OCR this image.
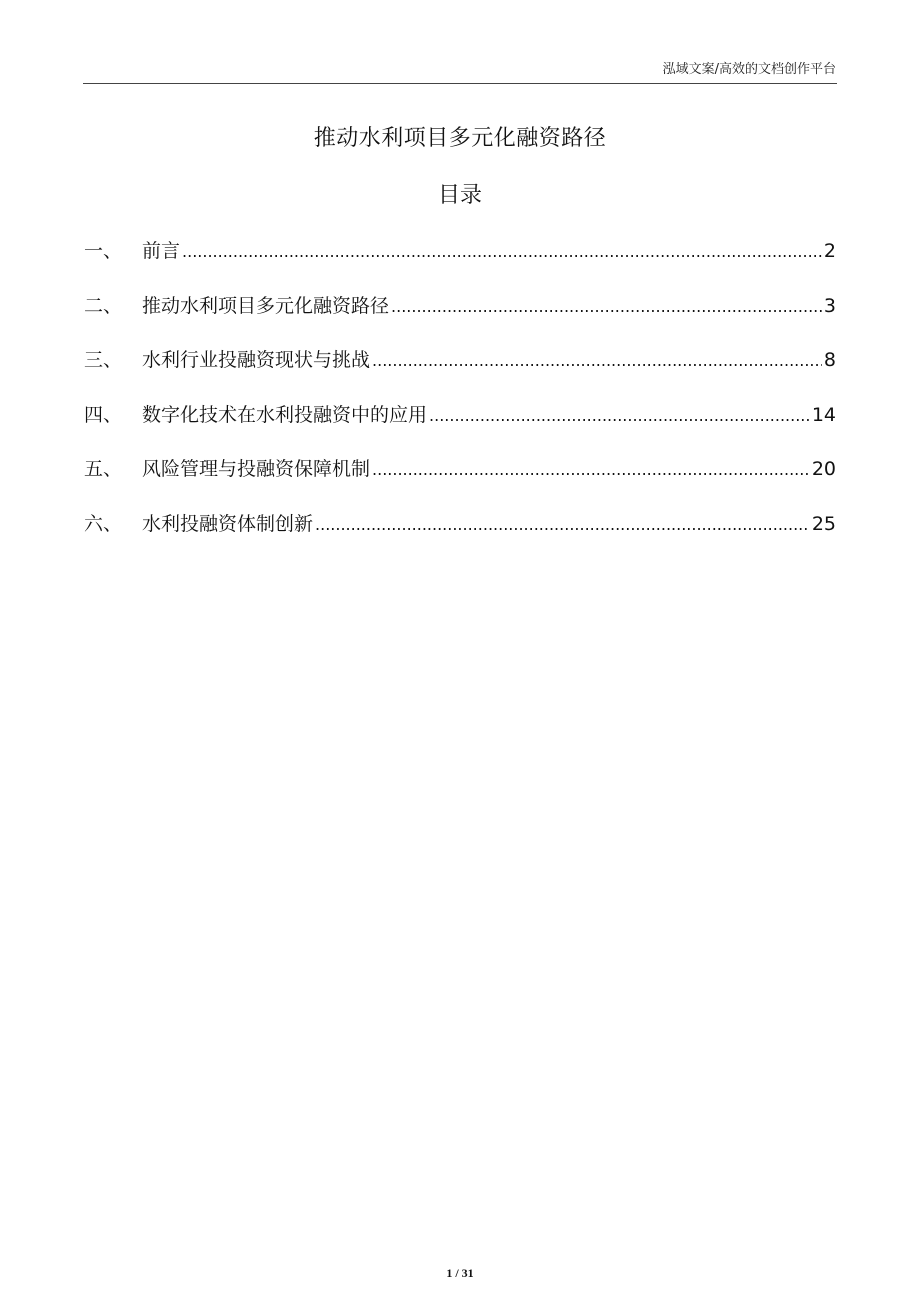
泓域文案/高效的文档创作平台
推动水利项目多元化融资路径
目录
一、	前言 .....	2
二、	推动水利项目多元化融资路径 .....	3
三、	水利行业投融资现状与挑战 .....	8
四、	数字化技术在水利投融资中的应用 .....	14
五、	风险管理与投融资保障机制 .....	20
六、	水利投融资体制创新 .....	25
1 / 31
